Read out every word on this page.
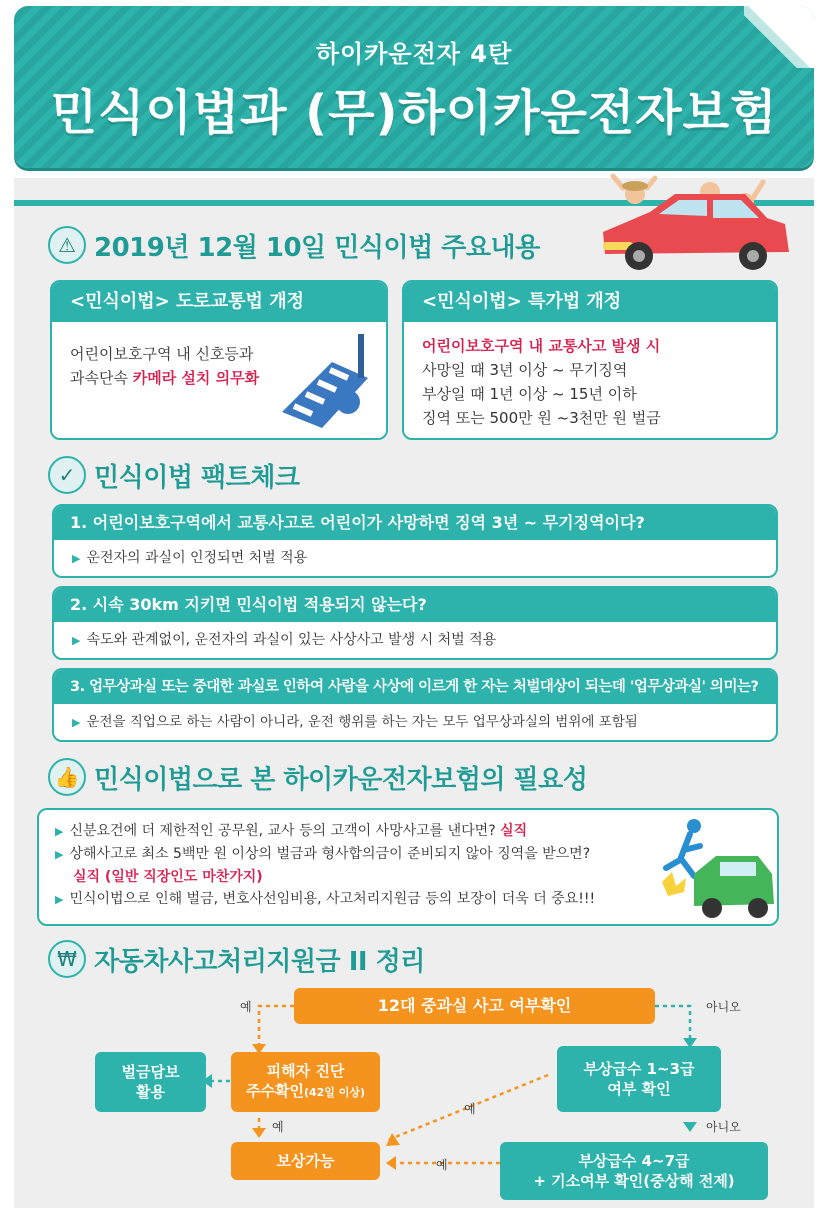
하이카운전자 4탄
민식이법과 (무)하이카운전자보험
⚠ 2019년 12월 10일 민식이법 주요내용
<민식이법> 도로교통법 개정
어린이보호구역 내 신호등과
과속단속 카메라 설치 의무화
<민식이법> 특가법 개정
어린이보호구역 내 교통사고 발생 시
사망일 때 3년 이상 ~ 무기징역
부상일 때 1년 이상 ~ 15년 이하
징역 또는 500만 원 ~3천만 원 벌금
✓ 민식이법 팩트체크
1. 어린이보호구역에서 교통사고로 어린이가 사망하면 징역 3년 ~ 무기징역이다?
▶ 운전자의 과실이 인정되면 처벌 적용
2. 시속 30km 지키면 민식이법 적용되지 않는다?
▶ 속도와 관계없이, 운전자의 과실이 있는 사상사고 발생 시 처벌 적용
3. 업무상과실 또는 중대한 과실로 인하여 사람을 사상에 이르게 한 자는 처벌대상이 되는데 '업무상과실' 의미는?
▶ 운전을 직업으로 하는 사람이 아니라, 운전 행위를 하는 자는 모두 업무상과실의 범위에 포함됨
👍 민식이법으로 본 하이카운전자보험의 필요성
▶ 신분요건에 더 제한적인 공무원, 교사 등의 고객이 사망사고를 낸다면? 실직
▶ 상해사고로 최소 5백만 원 이상의 벌금과 형사합의금이 준비되지 않아 징역을 받으면?
실직 (일반 직장인도 마찬가지)
▶ 민식이법으로 인해 벌금, 변호사선임비용, 사고처리지원금 등의 보장이 더욱 더 중요!!!
₩ 자동차사고처리지원금 II 정리
12대 중과실 사고 여부확인
피해자 진단
주수확인(42일 이상)
벌금담보
활용
부상급수 1~3급
여부 확인
보상가능	부상급수 4~7급
+ 기소여부 확인(중상해 전제)
예	아니오
예
예	아니오
예
